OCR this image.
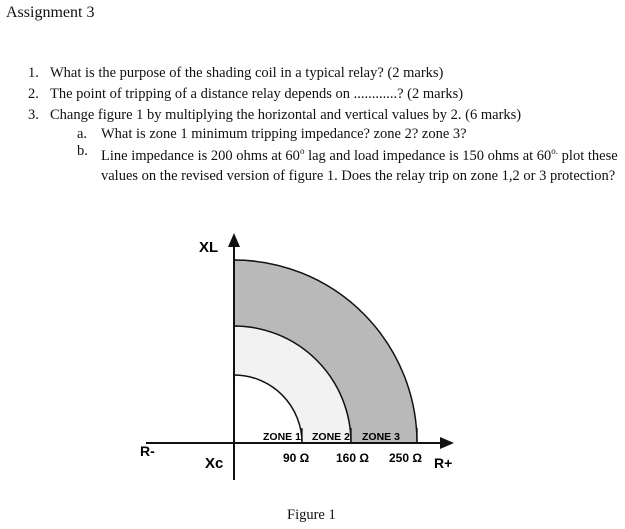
Assignment 3
1. What is the purpose of the shading coil in a typical relay? (2 marks)
2. The point of tripping of a distance relay depends on ............? (2 marks)
3. Change figure 1 by multiplying the horizontal and vertical values by 2. (6 marks)
a. What is zone 1 minimum tripping impedance? zone 2? zone 3?
b. Line impedance is 200 ohms at 60$^o$ lag and load impedance is 150 ohms at $60^{o.}$ plot these values on the revised version of figure 1. Does the relay trip on zone 1,2 or 3 protection?
ZONE 1 ZONE 2 ZONE 3
90 Ω 160 Ω 250 Ω
XL
Xc
R-
R+
Figure 1
